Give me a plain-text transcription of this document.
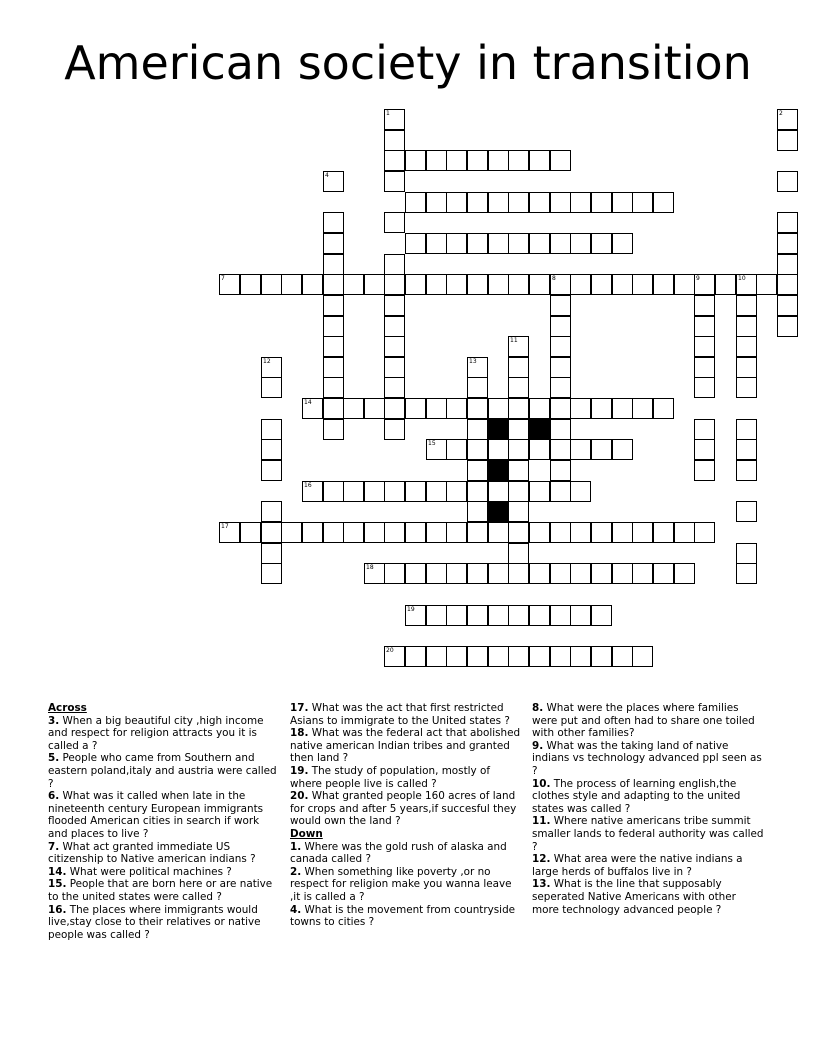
American society in transition
7	8	9	10
14
15
16
17
18
19
20
1	2
4
11
12	13

Across

3. When a big beautiful city ,high income and respect for religion attracts you it is called a ?

5. People who came from Southern and eastern poland,italy and austria were called ?

6. What was it called when late in the nineteenth century European immigrants flooded American cities in search if work and places to live ?

7. What act granted immediate US citizenship to Native american indians ?

14. What were political machines ?

15. People that are born here or are native to the united states were called ?

16. The places where immigrants would live,stay close to their relatives or native people was called ?

17. What was the act that first restricted Asians to immigrate to the United states ?

18. What was the federal act that abolished native american Indian tribes and granted then land ?

19. The study of population, mostly of where people live is called ?

20. What granted people 160 acres of land for crops and after 5 years,if succesful they would own the land ?

Down

1. Where was the gold rush of alaska and canada called ?

2. When something like poverty ,or no respect for religion make you wanna leave ,it is called a ?

4. What is the movement from countryside towns to cities ?

8. What were the places where families were put and often had to share one toiled with other families?

9. What was the taking land of native indians vs technology advanced ppl seen as ?

10. The process of learning english,the clothes style and adapting to the united states was called ?

11. Where native americans tribe summit smaller lands to federal authority was called ?

12. What area were the native indians a large herds of buffalos live in ?

13. What is the line that supposably seperated Native Americans with other more technology advanced people ?
